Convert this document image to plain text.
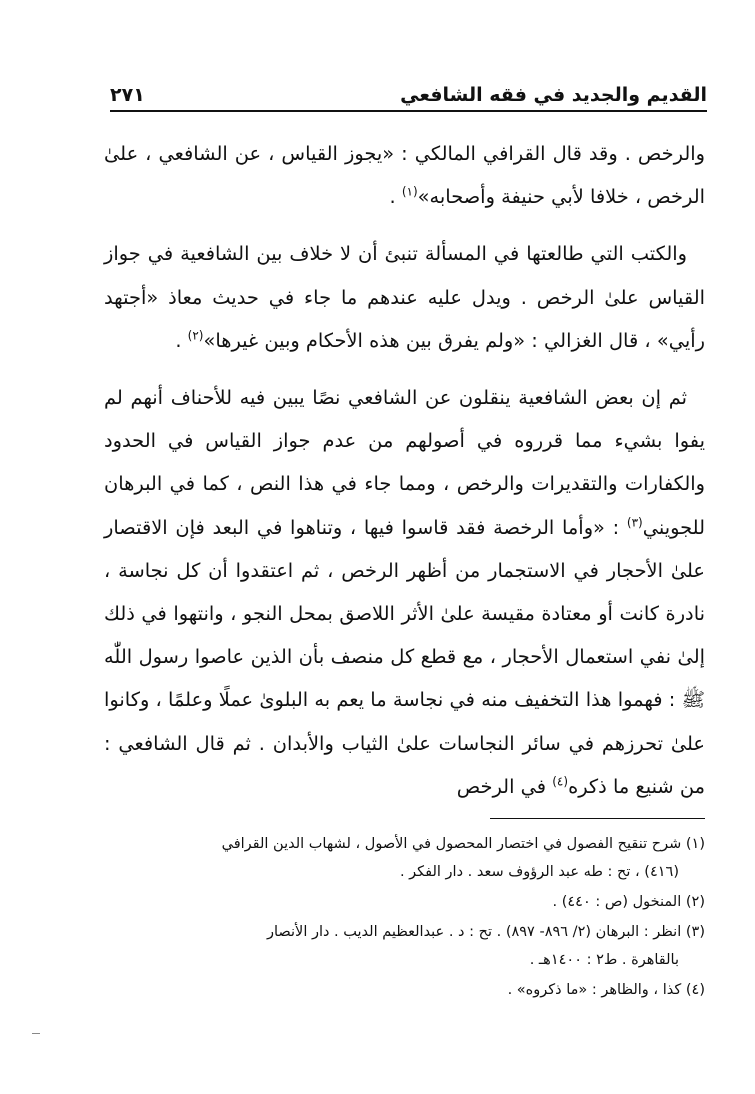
القديم والجديد في فقه الشافعي
٢٧١

والرخص . وقد قال القرافي المالكي : «يجوز القياس ، عن الشافعي ، علىٰ الرخص ، خلافا لأبي حنيفة وأصحابه»$^{(١)}$ .

والكتب التي طالعتها في المسألة تنبئ أن لا خلاف بين الشافعية في جواز القياس علىٰ الرخص . ويدل عليه عندهم ما جاء في حديث معاذ «أجتهد رأيي» ، قال الغزالي : «ولم يفرق بين هذه الأحكام وبين غيرها»$^{(٢)}$ .

ثم إن بعض الشافعية ينقلون عن الشافعي نصًا يبين فيه للأحناف أنهم لم يفوا بشيء مما قرروه في أصولهم من عدم جواز القياس في الحدود والكفارات والتقديرات والرخص ، ومما جاء في هذا النص ، كما في البرهان للجويني$^{(٣)}$ : «وأما الرخصة فقد قاسوا فيها ، وتناهوا في البعد فإن الاقتصار علىٰ الأحجار في الاستجمار من أظهر الرخص ، ثم اعتقدوا أن كل نجاسة ، نادرة كانت أو معتادة مقيسة علىٰ الأثر اللاصق بمحل النجو ، وانتهوا في ذلك إلىٰ نفي استعمال الأحجار ، مع قطع كل منصف بأن الذين عاصوا رسول اللّٰه ﷺ : فهموا هذا التخفيف منه في نجاسة ما يعم به البلوىٰ عملًا وعلمًا ، وكانوا علىٰ تحرزهم في سائر النجاسات علىٰ الثياب والأبدان . ثم قال الشافعي : من شنيع ما ذكره$^{(٤)}$ في الرخص

(١) شرح تنقيح الفصول في اختصار المحصول في الأصول ، لشهاب الدين القرافي
(٤١٦) ، تح : طه عبد الرؤوف سعد . دار الفكر .
(٢) المنخول (ص : ٤٤٠) .
(٣) انظر : البرهان (٢/ ٨٩٦- ٨٩٧) . تح : د . عبدالعظيم الديب . دار الأنصار
بالقاهرة . ط٢ : ١٤٠٠هـ .
(٤) كذا ، والظاهر : «ما ذكروه» .
